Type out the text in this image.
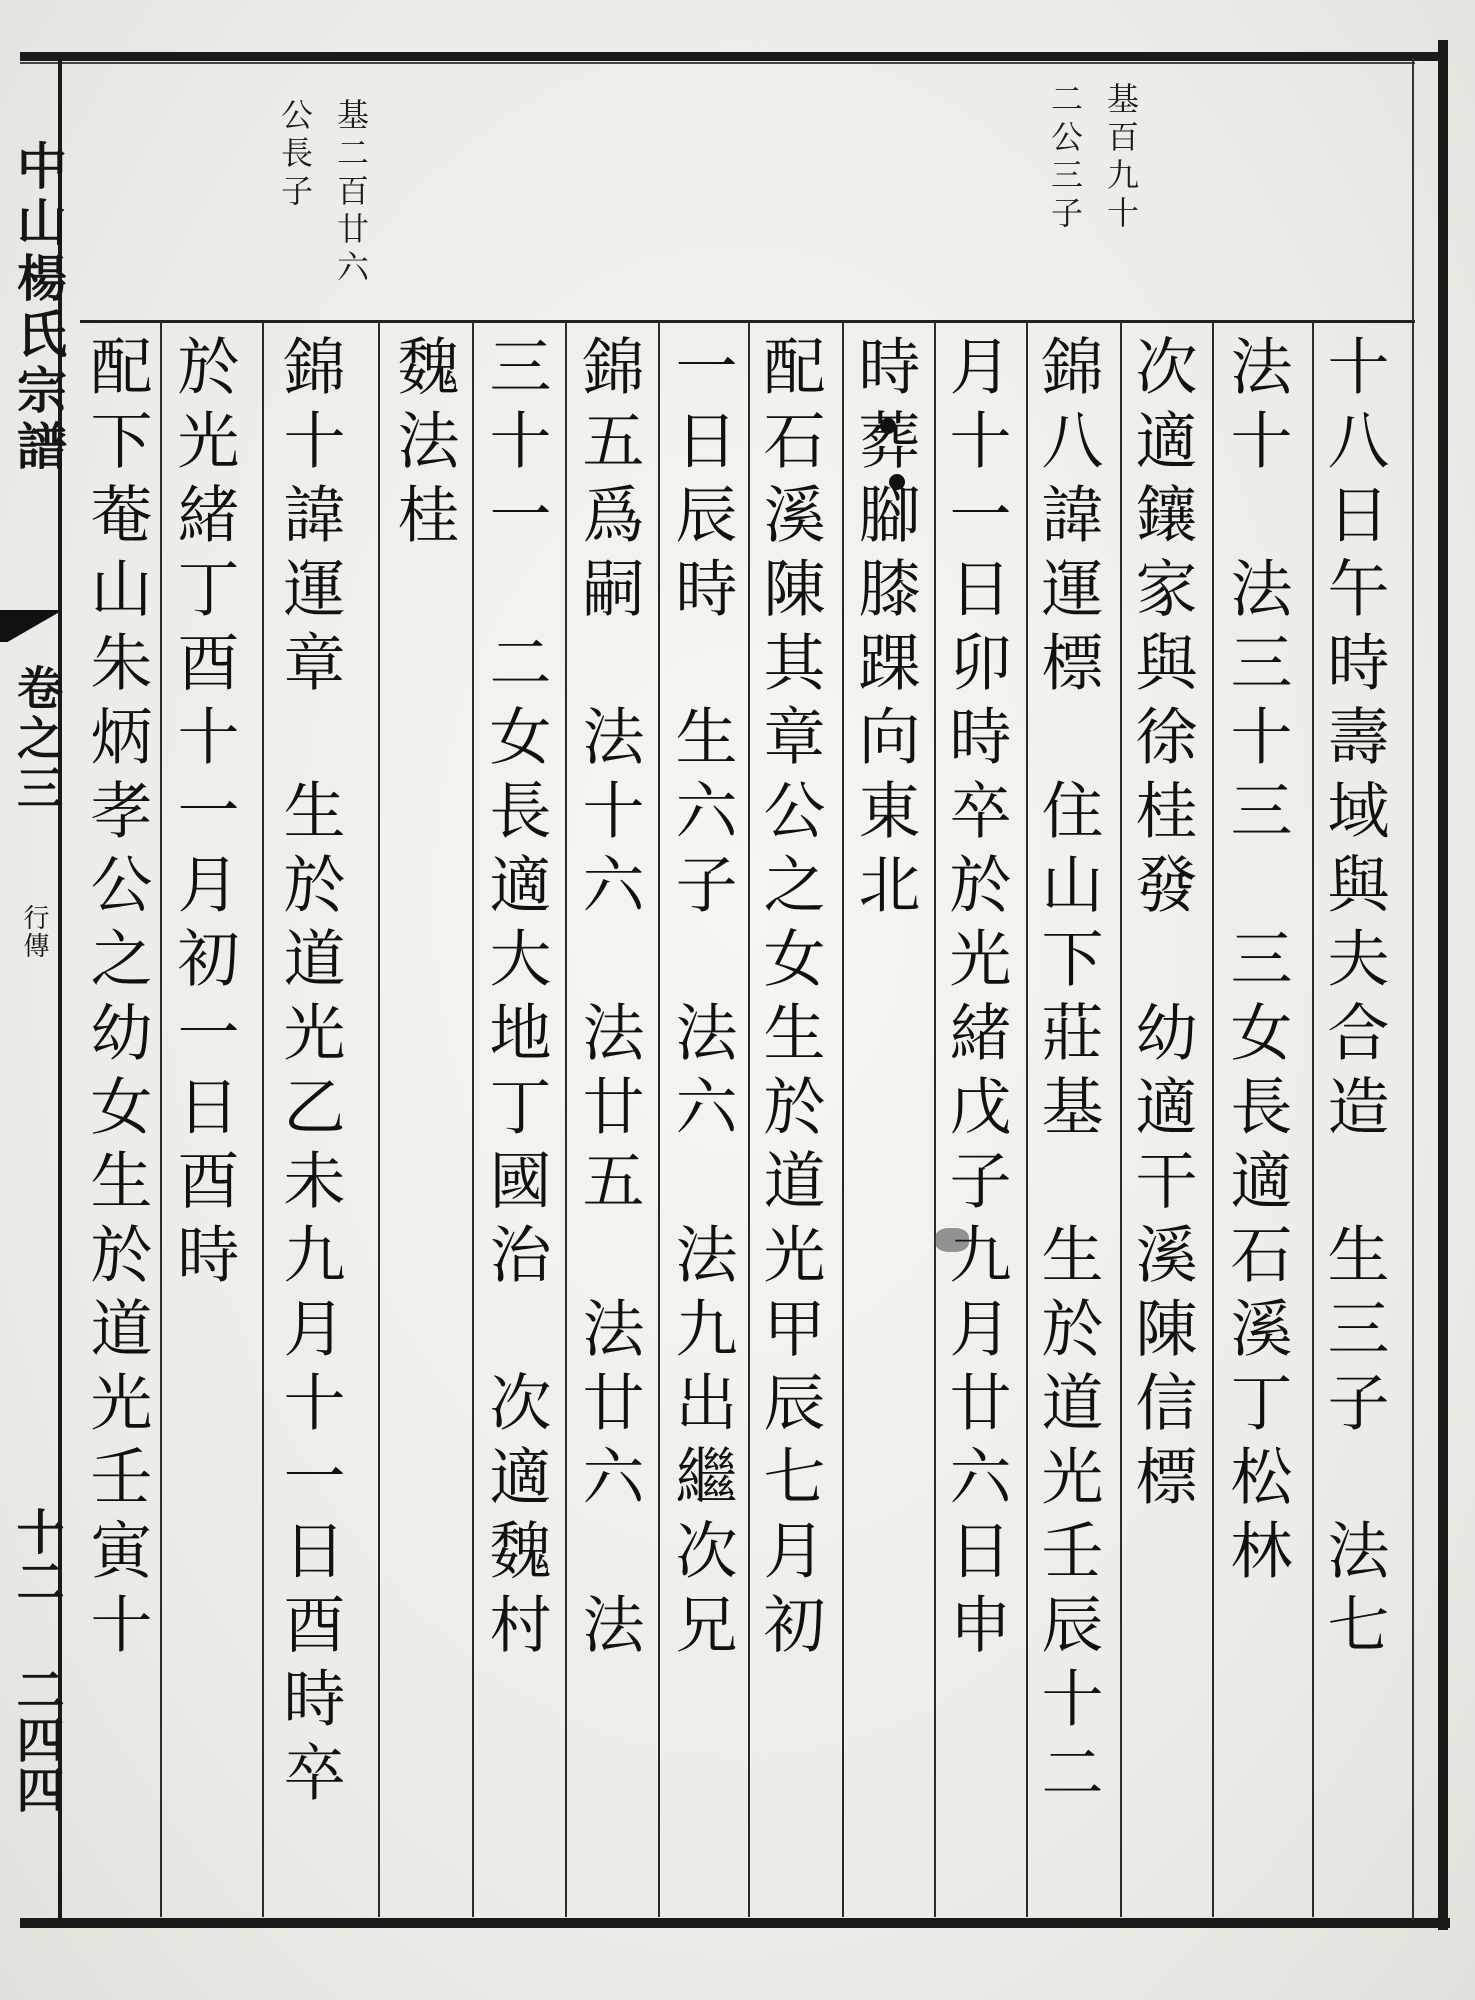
中山楊氏宗譜
卷之三
行傳
十二 二四四

基百九十
二公三子
基二百廿六
公長子
十八日午時壽域與夫合造　生三子　法七
法十　法三十三　三女長適石溪丁松林
次適鑲家與徐桂發　幼適干溪陳信標
錦八諱運標　住山下莊基　生於道光壬辰十二
月十一日卯時卒於光緒戊子九月廿六日申
時葬腳膝踝向東北
配石溪陳其章公之女生於道光甲辰七月初
一日辰時　生六子　法六　法九出繼次兄
錦五爲嗣　法十六　法廿五　法廿六　法
三十一　二女長適大地丁國治　次適魏村
魏法桂
錦十諱運章　生於道光乙未九月十一日酉時卒
於光緒丁酉十一月初一日酉時
配下菴山朱炳孝公之幼女生於道光壬寅十
